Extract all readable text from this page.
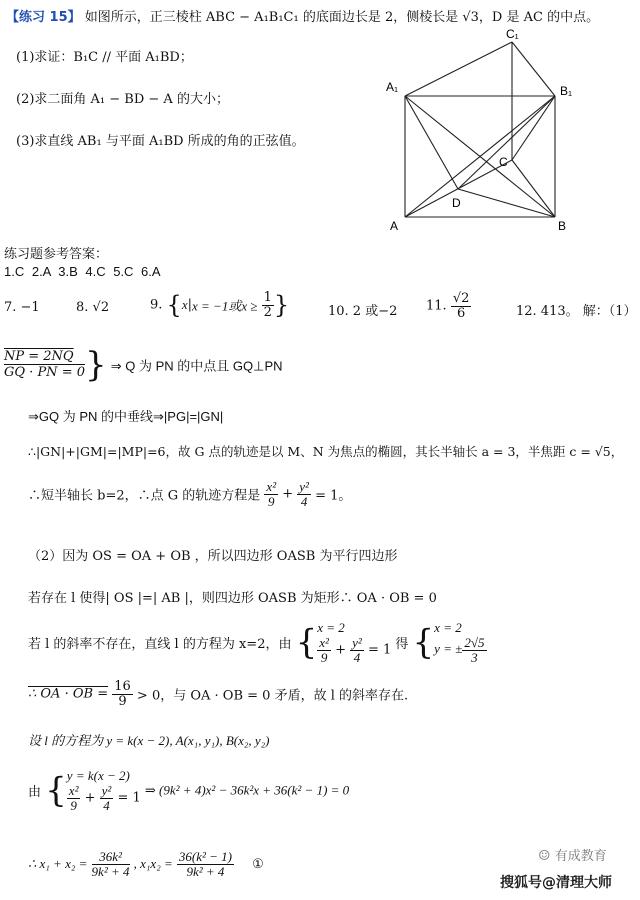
【练习 15】 如图所示，正三棱柱 ABC − A₁B₁C₁ 的底面边长是 2，侧棱长是 √3，D 是 AC 的中点。
(1)求证：B₁C // 平面 A₁BD；
(2)求二面角 A₁ − BD − A 的大小；
(3)求直线 AB₁ 与平面 A₁BD 所成的角的正弦值。
C₁
A₁	B₁
C
D
A	B
练习题参考答案：
1.C 2.A 3.B 4.C 5.C 6.A
7. −1	8. √2	9. {x|x = −1或$x \ge \frac{1}{2}$ }	10. 2 或−2 11. $\frac{√2}{6}$	12. 413。 解：（1）
$\frac{NP = 2NQ}{GQ \cdot PN = 0}$ } ⇒ Q 为 PN 的中点且 GQ⊥PN
⇒GQ 为 PN 的中垂线⇒|PG|=|GN|
∴|GN|+|GM|=|MP|=6，故 G 点的轨迹是以 M、N 为焦点的椭圆，其长半轴长 a = 3，半焦距 c = √5，
∴短半轴长 b=2，∴点 G 的轨迹方程是 $\frac{\text{x²}}{9} + \frac{\text{y²}}{4} = 1$。
（2）因为 OS = OA + OB ，所以四边形 OASB 为平行四边形
若存在 l 使得| OS |=| AB |，则四边形 OASB 为矩形∴ OA · OB = 0
若 l 的斜率不存在，直线 l 的方程为 x=2，由 { x = 2
$\frac{\text{x²}}{9} + \frac{\text{y²}}{4} = 1$ 得 { x = 2
y = ± $\frac{2√5}{3}$
∴ OA · OB = $\frac{16}{9} > 0$，与 OA · OB = 0 矛盾，故 l 的斜率存在.
设 l 的方程为 y = k(x − 2), A(x₁, y₁), B(x₂, y₂)
由 { y = k(x − 2)
$\frac{\text{x²}}{9} + \frac{\text{y²}}{4} = 1$
⇒ (9k² + 4)x² − 36k²x + 36(k² − 1) = 0
∴ $x_1 + x_2 = \frac{\text{36k²}}{\text{9k² + 4}}$ , $x_1x_2 = \frac{\text{36(k² − 1)}}{\text{9k² + 4}}$ ①
☺ 有成教育
搜狐号@清理大师
